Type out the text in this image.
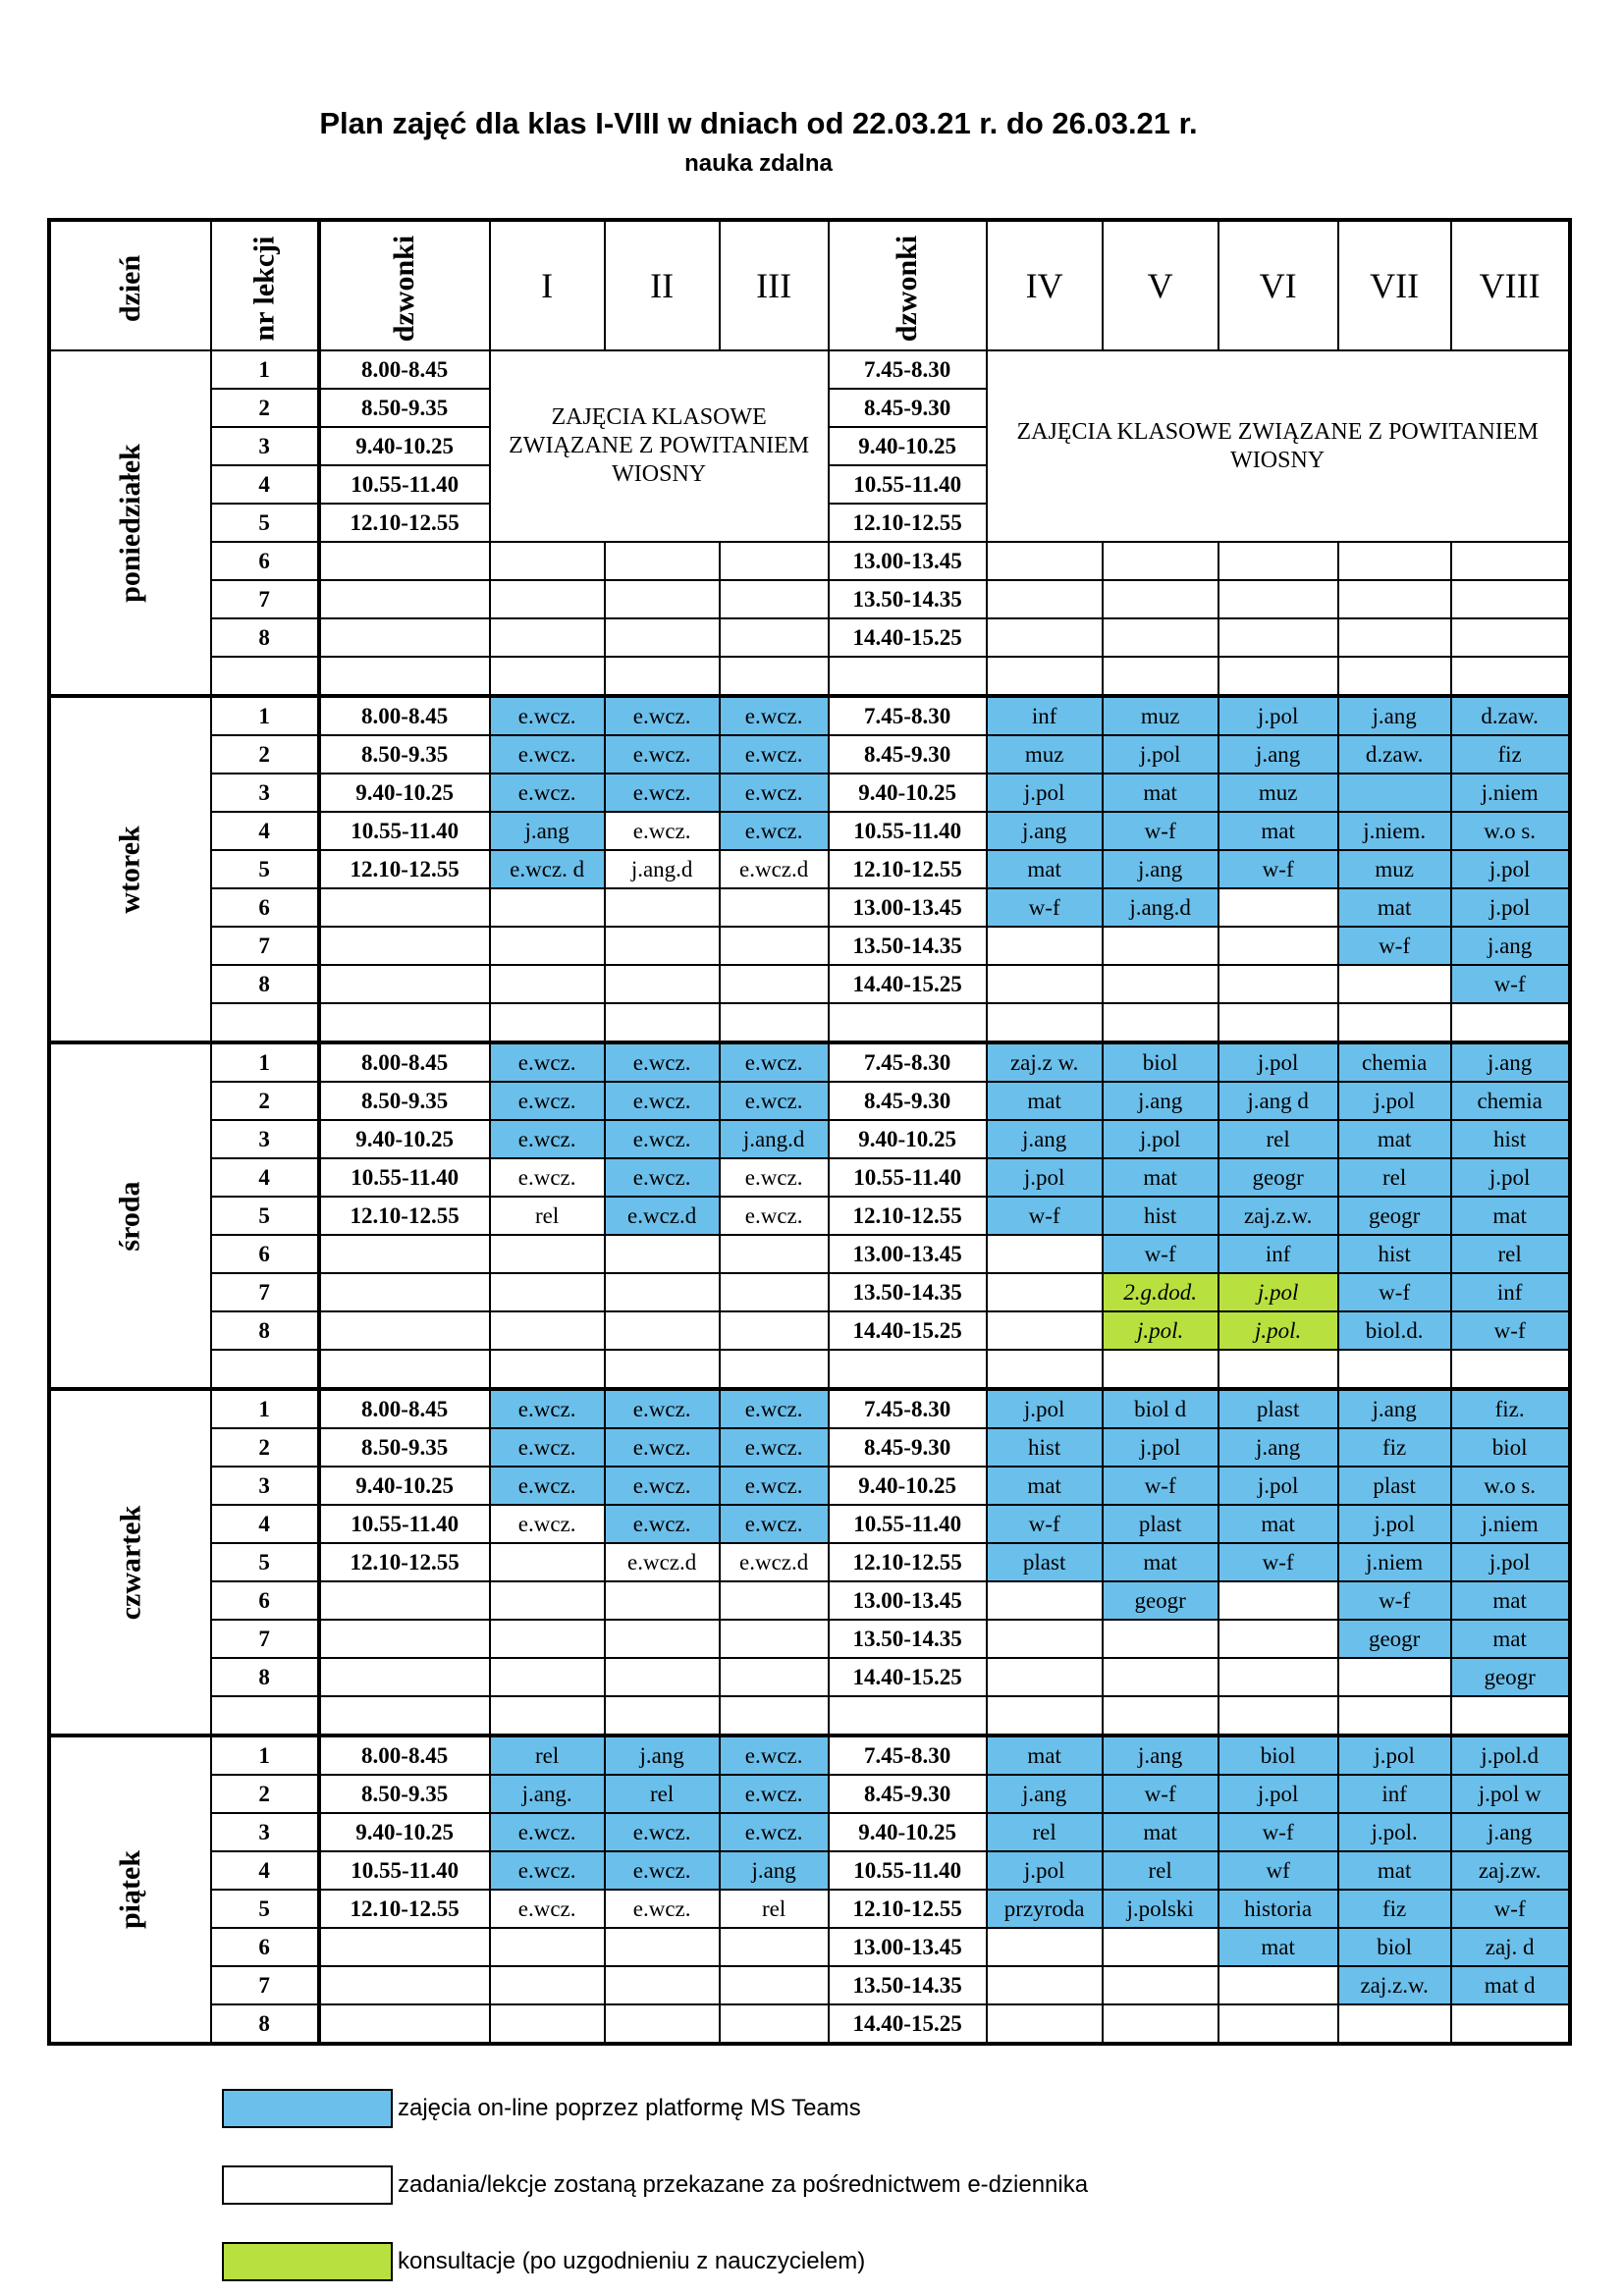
Plan zajęć dla klas I-VIII w dniach od 22.03.21 r. do 26.03.21 r.
nauka zdalna
dzień	nr lekcji	dzwonki	I	II	III	dzwonki	IV	V	VI	VII	VIII
poniedziałek	1	8.00-8.45	ZAJĘCIA KLASOWE ZWIĄZANE Z POWITANIEM WIOSNY			7.45-8.30	ZAJĘCIA KLASOWE ZWIĄZANE Z POWITANIEM WIOSNY				
	2	8.50-9.35				8.45-9.30					
	3	9.40-10.25				9.40-10.25					
	4	10.55-11.40				10.55-11.40					
	5	12.10-12.55				12.10-12.55					
	6					13.00-13.45					
	7					13.50-14.35					
	8					14.40-15.25					

wtorek	1	8.00-8.45	e.wcz.	e.wcz.	e.wcz.	7.45-8.30	inf	muz	j.pol	j.ang	d.zaw.
	2	8.50-9.35	e.wcz.	e.wcz.	e.wcz.	8.45-9.30	muz	j.pol	j.ang	d.zaw.	fiz
	3	9.40-10.25	e.wcz.	e.wcz.	e.wcz.	9.40-10.25	j.pol	mat	muz		j.niem
	4	10.55-11.40	j.ang	e.wcz.	e.wcz.	10.55-11.40	j.ang	w-f	mat	j.niem.	w.o s.
	5	12.10-12.55	e.wcz. d	j.ang.d	e.wcz.d	12.10-12.55	mat	j.ang	w-f	muz	j.pol
	6					13.00-13.45	w-f	j.ang.d		mat	j.pol
	7					13.50-14.35				w-f	j.ang
	8					14.40-15.25					w-f

środa	1	8.00-8.45	e.wcz.	e.wcz.	e.wcz.	7.45-8.30	zaj.z w.	biol	j.pol	chemia	j.ang
	2	8.50-9.35	e.wcz.	e.wcz.	e.wcz.	8.45-9.30	mat	j.ang	j.ang d	j.pol	chemia
	3	9.40-10.25	e.wcz.	e.wcz.	j.ang.d	9.40-10.25	j.ang	j.pol	rel	mat	hist
	4	10.55-11.40	e.wcz.	e.wcz.	e.wcz.	10.55-11.40	j.pol	mat	geogr	rel	j.pol
	5	12.10-12.55	rel	e.wcz.d	e.wcz.	12.10-12.55	w-f	hist	zaj.z.w.	geogr	mat
	6					13.00-13.45		w-f	inf	hist	rel
	7					13.50-14.35		2.g.dod.	j.pol	w-f	inf
	8					14.40-15.25		j.pol.	j.pol.	biol.d.	w-f

czwartek	1	8.00-8.45	e.wcz.	e.wcz.	e.wcz.	7.45-8.30	j.pol	biol d	plast	j.ang	fiz.
	2	8.50-9.35	e.wcz.	e.wcz.	e.wcz.	8.45-9.30	hist	j.pol	j.ang	fiz	biol
	3	9.40-10.25	e.wcz.	e.wcz.	e.wcz.	9.40-10.25	mat	w-f	j.pol	plast	w.o s.
	4	10.55-11.40	e.wcz.	e.wcz.	e.wcz.	10.55-11.40	w-f	plast	mat	j.pol	j.niem
	5	12.10-12.55		e.wcz.d	e.wcz.d	12.10-12.55	plast	mat	w-f	j.niem	j.pol
	6					13.00-13.45		geogr		w-f	mat
	7					13.50-14.35				geogr	mat
	8					14.40-15.25					geogr

piątek	1	8.00-8.45	rel	j.ang	e.wcz.	7.45-8.30	mat	j.ang	biol	j.pol	j.pol.d
	2	8.50-9.35	j.ang.	rel	e.wcz.	8.45-9.30	j.ang	w-f	j.pol	inf	j.pol w
	3	9.40-10.25	e.wcz.	e.wcz.	e.wcz.	9.40-10.25	rel	mat	w-f	j.pol.	j.ang
	4	10.55-11.40	e.wcz.	e.wcz.	j.ang	10.55-11.40	j.pol	rel	wf	mat	zaj.zw.
	5	12.10-12.55	e.wcz.	e.wcz.	rel	12.10-12.55	przyroda	j.polski	historia	fiz	w-f
	6					13.00-13.45			mat	biol	zaj. d
	7					13.50-14.35				zaj.z.w.	mat d
	8					14.40-15.25					
zajęcia on-line poprzez platformę MS Teams
zadania/lekcje zostaną przekazane za pośrednictwem e-dziennika
konsultacje (po uzgodnieniu z nauczycielem)
